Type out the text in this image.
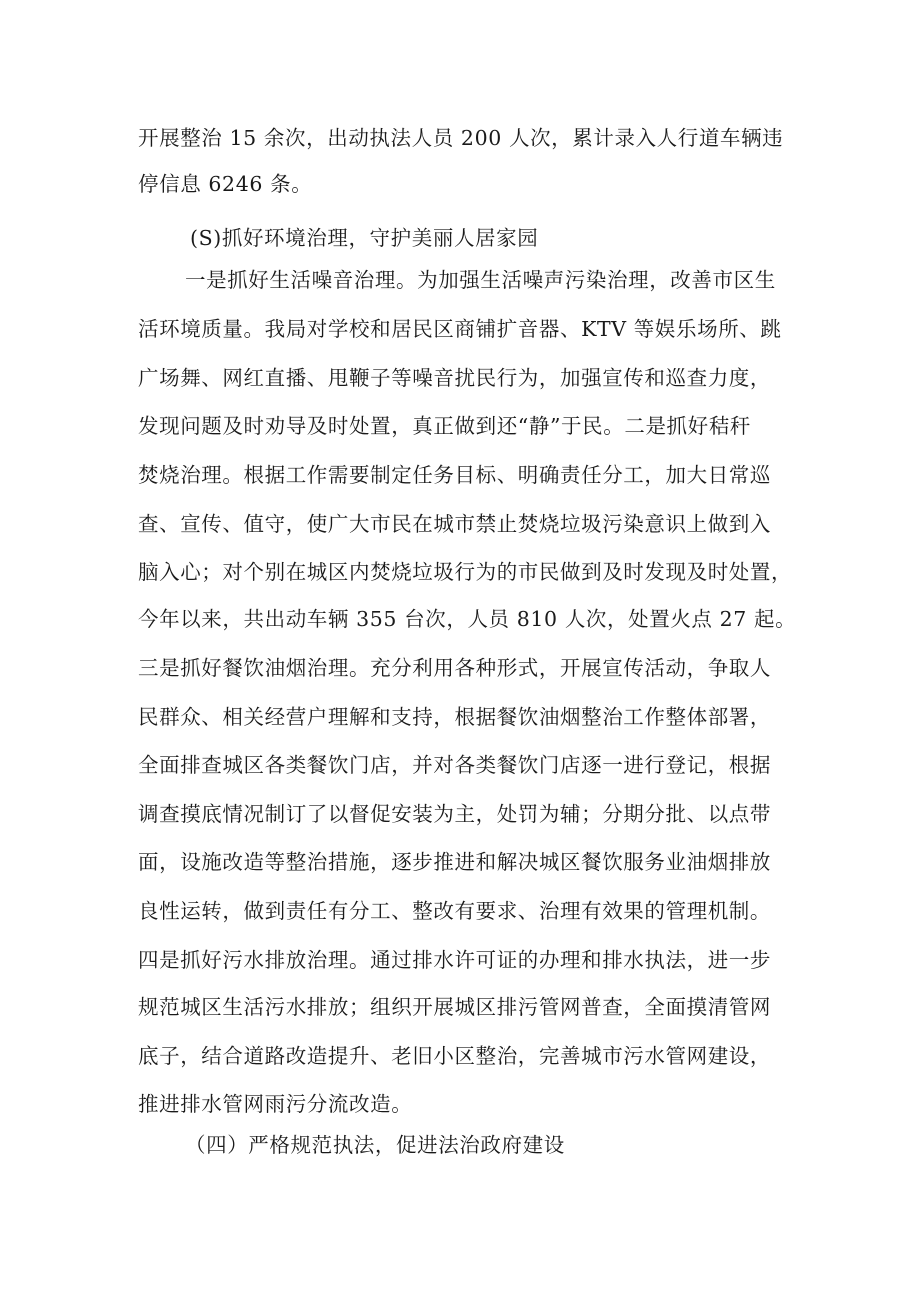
开展整治 15 余次，出动执法人员 200 人次，累计录入人行道车辆违
停信息 6246 条。
(S)抓好环境治理，守护美丽人居家园
一是抓好生活噪音治理。为加强生活噪声污染治理，改善市区生
活环境质量。我局对学校和居民区商铺扩音器、KTV 等娱乐场所、跳
广场舞、网红直播、甩鞭子等噪音扰民行为，加强宣传和巡查力度，
发现问题及时劝导及时处置，真正做到还“静”于民。二是抓好秸秆
焚烧治理。根据工作需要制定任务目标、明确责任分工，加大日常巡
查、宣传、值守，使广大市民在城市禁止焚烧垃圾污染意识上做到入
脑入心；对个别在城区内焚烧垃圾行为的市民做到及时发现及时处置，
今年以来，共出动车辆 355 台次，人员 810 人次，处置火点 27 起。
三是抓好餐饮油烟治理。充分利用各种形式，开展宣传活动，争取人
民群众、相关经营户理解和支持，根据餐饮油烟整治工作整体部署，
全面排查城区各类餐饮门店，并对各类餐饮门店逐一进行登记，根据
调查摸底情况制订了以督促安装为主，处罚为辅；分期分批、以点带
面，设施改造等整治措施，逐步推进和解决城区餐饮服务业油烟排放
良性运转，做到责任有分工、整改有要求、治理有效果的管理机制。
四是抓好污水排放治理。通过排水许可证的办理和排水执法，进一步
规范城区生活污水排放；组织开展城区排污管网普查，全面摸清管网
底子，结合道路改造提升、老旧小区整治，完善城市污水管网建设，
推进排水管网雨污分流改造。
（四）严格规范执法，促进法治政府建设
